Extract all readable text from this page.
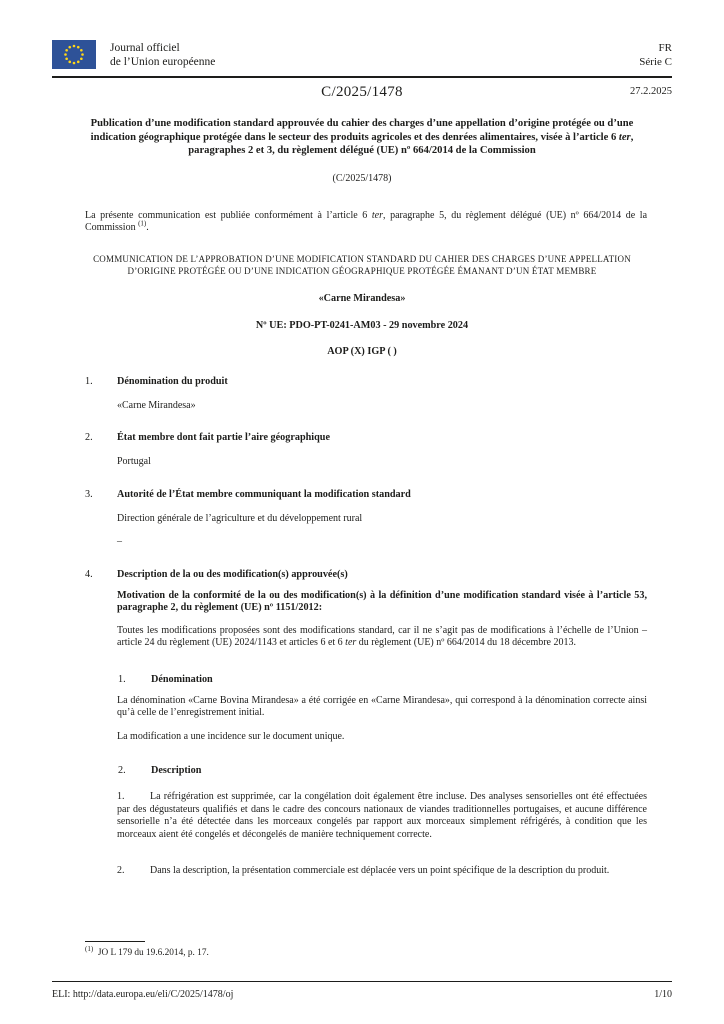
Journal officiel
de l’Union européenne
FR
Série C
C/2025/1478	27.2.2025
Publication d’une modification standard approuvée du cahier des charges d’une appellation d’origine protégée ou d’une indication géographique protégée dans le secteur des produits agricoles et des denrées alimentaires, visée à l’article 6 ter, paragraphes 2 et 3, du règlement délégué (UE) nº 664/2014 de la Commission
(C/2025/1478)
La présente communication est publiée conformément à l’article 6 ter, paragraphe 5, du règlement délégué (UE) nº 664/2014 de la Commission $^{(1)}$.
COMMUNICATION DE L’APPROBATION D’UNE MODIFICATION STANDARD DU CAHIER DES CHARGES D’UNE APPELLATION D’ORIGINE PROTÉGÉE OU D’UNE INDICATION GÉOGRAPHIQUE PROTÉGÉE ÉMANANT D’UN ÉTAT MEMBRE
«Carne Mirandesa»
Nº UE: PDO-PT-0241-AM03 - 29 novembre 2024
AOP (X) IGP ( )
1.	Dénomination du produit
«Carne Mirandesa»
2.	État membre dont fait partie l’aire géographique
Portugal
3.	Autorité de l’État membre communiquant la modification standard
Direction générale de l’agriculture et du développement rural
–
4.	Description de la ou des modification(s) approuvée(s)
Motivation de la conformité de la ou des modification(s) à la définition d’une modification standard visée à l’article 53, paragraphe 2, du règlement (UE) nº 1151/2012:
Toutes les modifications proposées sont des modifications standard, car il ne s’agit pas de modifications à l’échelle de l’Union – article 24 du règlement (UE) 2024/1143 et articles 6 et 6 ter du règlement (UE) nº 664/2014 du 18 décembre 2013.
1.	Dénomination
La dénomination «Carne Bovina Mirandesa» a été corrigée en «Carne Mirandesa», qui correspond à la dénomination correcte ainsi qu’à celle de l’enregistrement initial.
La modification a une incidence sur le document unique.
2.	Description
1.	La réfrigération est supprimée, car la congélation doit également être incluse. Des analyses sensorielles ont été effectuées par des dégustateurs qualifiés et dans le cadre des concours nationaux de viandes traditionnelles portugaises, et aucune différence sensorielle n’a été détectée dans les morceaux congelés par rapport aux morceaux simplement réfrigérés, à condition que les morceaux aient été congelés et décongelés de manière techniquement correcte.
2.	Dans la description, la présentation commerciale est déplacée vers un point spécifique de la description du produit.
$^{(1)}$ JO L 179 du 19.6.2014, p. 17.
ELI: http://data.europa.eu/eli/C/2025/1478/oj	1/10
